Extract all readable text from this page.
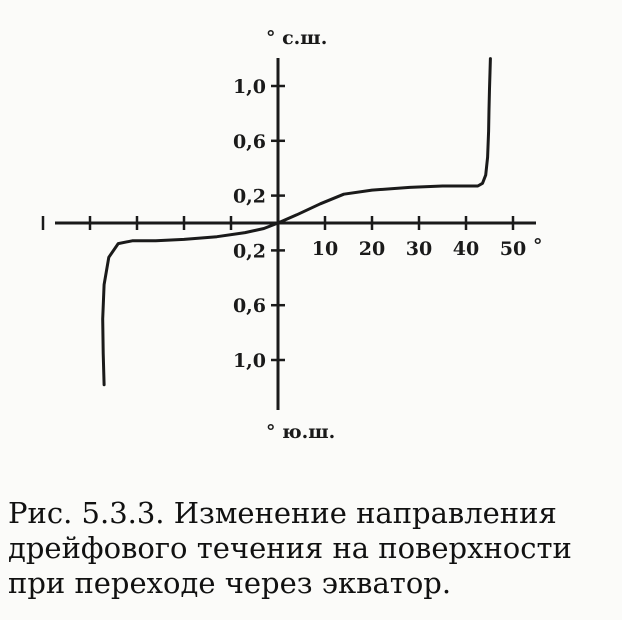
10 20 30 40 50
1,0
0,6
0,2
0,2
0,6
1,0
° с.ш.
° ю.ш.
°
Рис. 5.3.3. Изменение направления
дрейфового течения на поверхности
при переходе через экватор.
